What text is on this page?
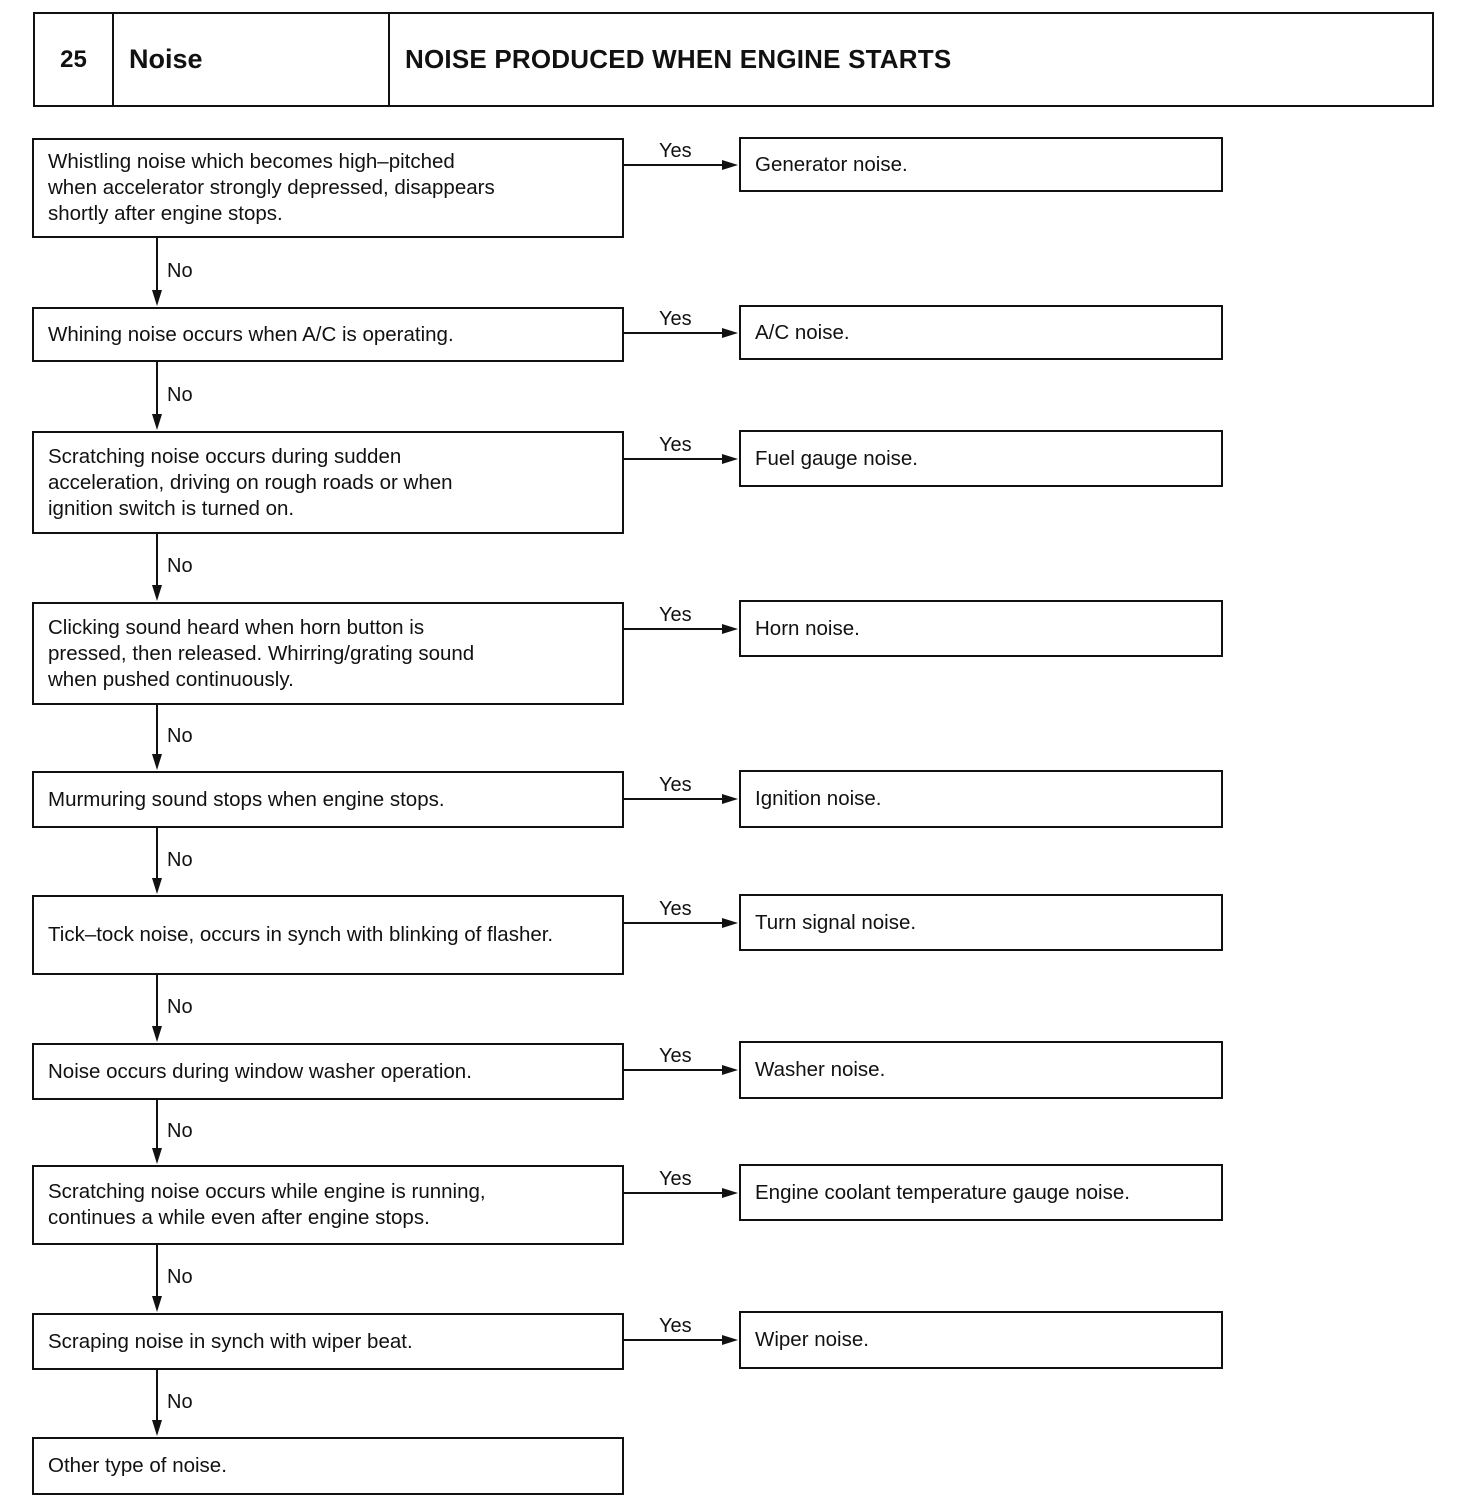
25	Noise	NOISE PRODUCED WHEN ENGINE STARTS
Whistling noise which becomes high–pitched
when accelerator strongly depressed, disappears
shortly after engine stops.
Generator noise.
Yes
No
Whining noise occurs when A/C is operating.	A/C noise.
Yes
No
Scratching noise occurs during sudden
acceleration, driving on rough roads or when
ignition switch is turned on.
Fuel gauge noise.
Yes
No
Clicking sound heard when horn button is
pressed, then released. Whirring/grating sound
when pushed continuously.
Horn noise.
Yes
No
Murmuring sound stops when engine stops.	Ignition noise.
Yes
No
Tick–tock noise, occurs in synch with blinking of flasher.
Turn signal noise.
Yes
No
Noise occurs during window washer operation.	Washer noise.
Yes
No
Scratching noise occurs while engine is running,
continues a while even after engine stops.
Engine coolant temperature gauge noise.
Yes
No
Scraping noise in synch with wiper beat.	Wiper noise.
Yes
No
Other type of noise.
